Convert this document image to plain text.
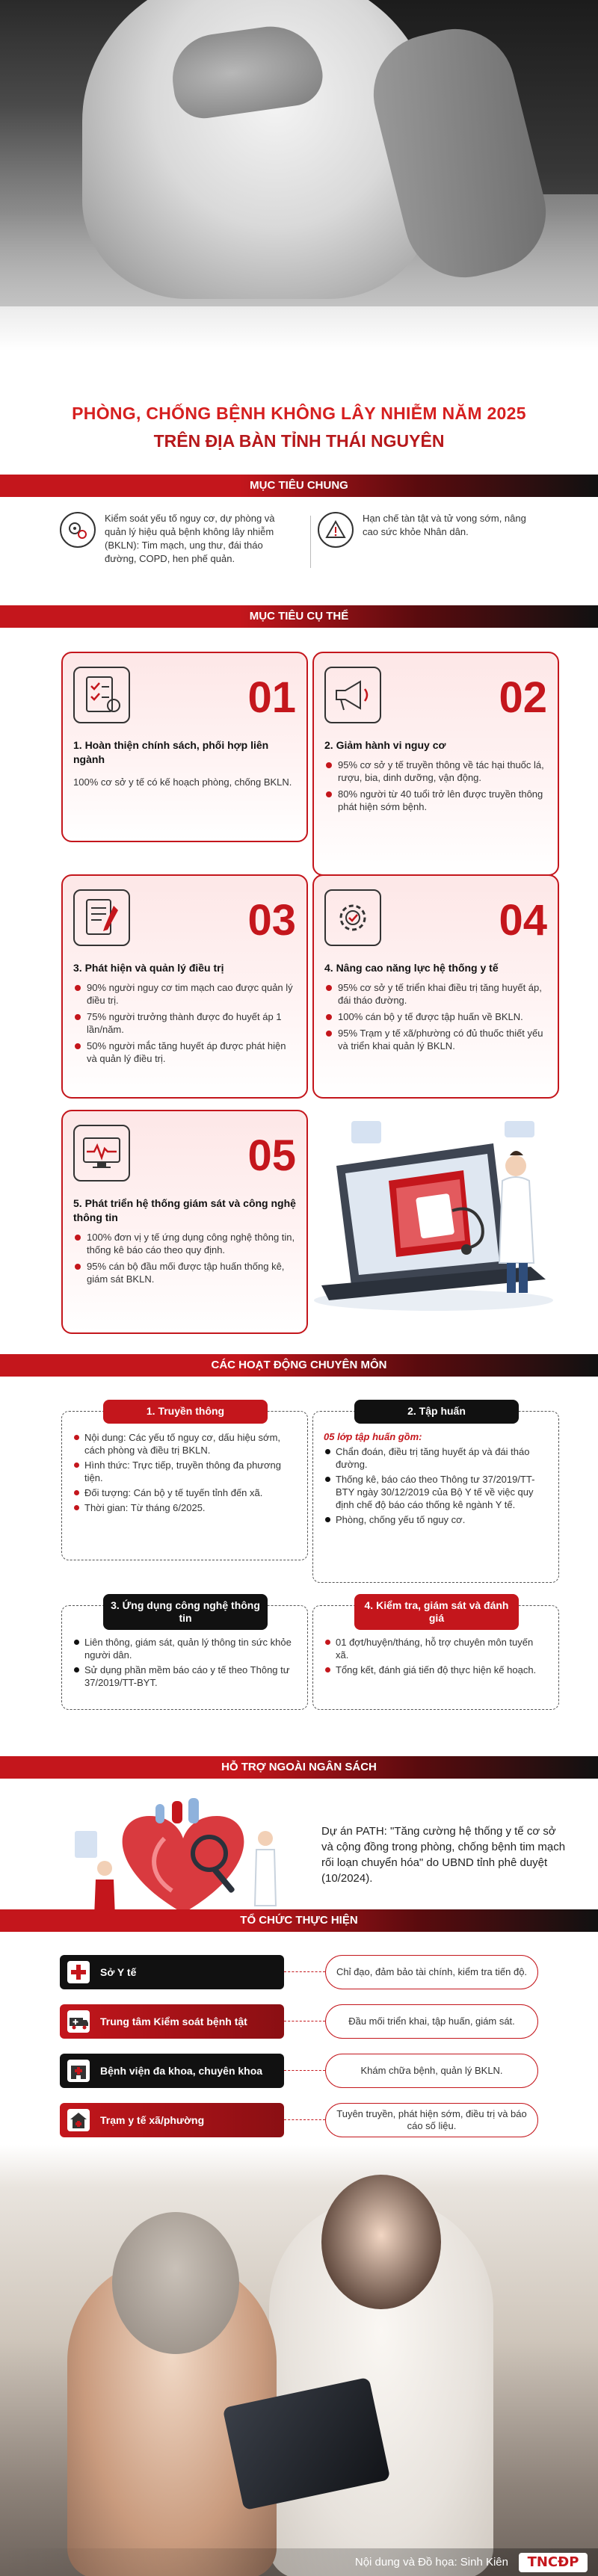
PHÒNG, CHỐNG BỆNH KHÔNG LÂY NHIỄM NĂM 2025
TRÊN ĐỊA BÀN TỈNH THÁI NGUYÊN
MỤC TIÊU CHUNG
Kiểm soát yếu tố nguy cơ, dự phòng và quản lý hiệu quả bệnh không lây nhiễm (BKLN): Tim mạch, ung thư, đái tháo đường, COPD, hen phế quản.
Hạn chế tàn tật và tử vong sớm, nâng cao sức khỏe Nhân dân.
MỤC TIÊU CỤ THỂ
01
1. Hoàn thiện chính sách, phối hợp liên ngành

100% cơ sở y tế có kế hoạch phòng, chống BKLN.

02
2. Giảm hành vi nguy cơ
95% cơ sở y tế truyền thông về tác hại thuốc lá, rượu, bia, dinh dưỡng, vận động.
80% người từ 40 tuổi trở lên được truyền thông phát hiện sớm bệnh.
03
3. Phát hiện và quản lý điều trị
90% người nguy cơ tim mạch cao được quản lý điều trị.
75% người trưởng thành được đo huyết áp 1 lần/năm.
50% người mắc tăng huyết áp được phát hiện và quản lý điều trị.
04
4. Nâng cao năng lực hệ thống y tế
95% cơ sở y tế triển khai điều trị tăng huyết áp, đái tháo đường.
100% cán bộ y tế được tập huấn về BKLN.
95% Trạm y tế xã/phường có đủ thuốc thiết yếu và triển khai quản lý BKLN.
05
5. Phát triển hệ thống giám sát và công nghệ thông tin
100% đơn vị y tế ứng dụng công nghệ thông tin, thống kê báo cáo theo quy định.
95% cán bộ đầu mối được tập huấn thống kê, giám sát BKLN.
CÁC HOẠT ĐỘNG CHUYÊN MÔN
1. Truyền thông
Nội dung: Các yếu tố nguy cơ, dấu hiệu sớm, cách phòng và điều trị BKLN.
Hình thức: Trực tiếp, truyền thông đa phương tiện.
Đối tượng: Cán bộ y tế tuyến tỉnh đến xã.
Thời gian: Từ tháng 6/2025.
2. Tập huấn
05 lớp tập huấn gồm:
Chẩn đoán, điều trị tăng huyết áp và đái tháo đường.
Thống kê, báo cáo theo Thông tư 37/2019/TT-BTY ngày 30/12/2019 của Bộ Y tế về việc quy định chế độ báo cáo thống kê ngành Y tế.
Phòng, chống yếu tố nguy cơ.
3. Ứng dụng công nghệ thông tin
Liên thông, giám sát, quản lý thông tin sức khỏe người dân.
Sử dụng phần mềm báo cáo y tế theo Thông tư 37/2019/TT-BYT.
4. Kiểm tra, giám sát và đánh giá
01 đợt/huyện/tháng, hỗ trợ chuyên môn tuyến xã.
Tổng kết, đánh giá tiến độ thực hiện kế hoạch.
HỖ TRỢ NGOÀI NGÂN SÁCH
Dự án PATH: "Tăng cường hệ thống y tế cơ sở và cộng đồng trong phòng, chống bệnh tim mạch rối loạn chuyển hóa" do UBND tỉnh phê duyệt (10/2024).
TỔ CHỨC THỰC HIỆN
Sở Y tế	Chỉ đạo, đảm bảo tài chính, kiểm tra tiến độ.
Trung tâm Kiểm soát bệnh tật	Đầu mối triển khai, tập huấn, giám sát.
Bệnh viện đa khoa, chuyên khoa	Khám chữa bệnh, quản lý BKLN.
Trạm y tế xã/phường	Tuyên truyền, phát hiện sớm, điều trị và báo cáo số liệu.
Nội dung và Đồ họa: Sinh Kiên	TNCĐP
